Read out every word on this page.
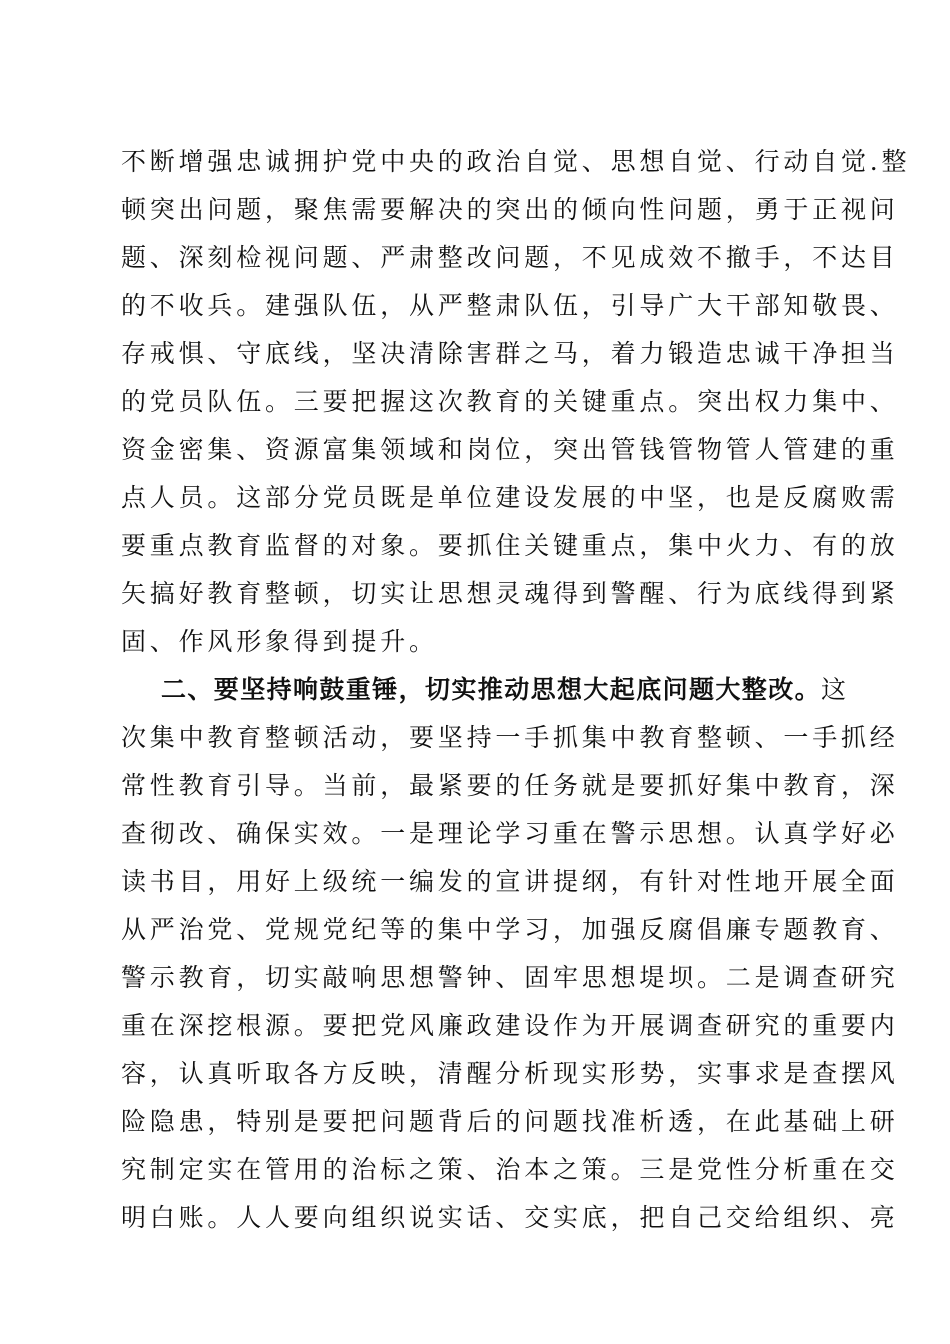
不断增强忠诚拥护党中央的政治自觉、思想自觉、行动自觉.整
顿突出问题，聚焦需要解决的突出的倾向性问题，勇于正视问
题、深刻检视问题、严肃整改问题，不见成效不撤手，不达目
的不收兵。建强队伍，从严整肃队伍，引导广大干部知敬畏、
存戒惧、守底线，坚决清除害群之马，着力锻造忠诚干净担当
的党员队伍。三要把握这次教育的关键重点。突出权力集中、
资金密集、资源富集领域和岗位，突出管钱管物管人管建的重
点人员。这部分党员既是单位建设发展的中坚，也是反腐败需
要重点教育监督的对象。要抓住关键重点，集中火力、有的放
矢搞好教育整顿，切实让思想灵魂得到警醒、行为底线得到紧
固、作风形象得到提升。
二、要坚持响鼓重锤，切实推动思想大起底问题大整改。这
次集中教育整顿活动，要坚持一手抓集中教育整顿、一手抓经
常性教育引导。当前，最紧要的任务就是要抓好集中教育，深
查彻改、确保实效。一是理论学习重在警示思想。认真学好必
读书目，用好上级统一编发的宣讲提纲，有针对性地开展全面
从严治党、党规党纪等的集中学习，加强反腐倡廉专题教育、
警示教育，切实敲响思想警钟、固牢思想堤坝。二是调查研究
重在深挖根源。要把党风廉政建设作为开展调查研究的重要内
容，认真听取各方反映，清醒分析现实形势，实事求是查摆风
险隐患，特别是要把问题背后的问题找准析透，在此基础上研
究制定实在管用的治标之策、治本之策。三是党性分析重在交
明白账。人人要向组织说实话、交实底，把自己交给组织、亮
